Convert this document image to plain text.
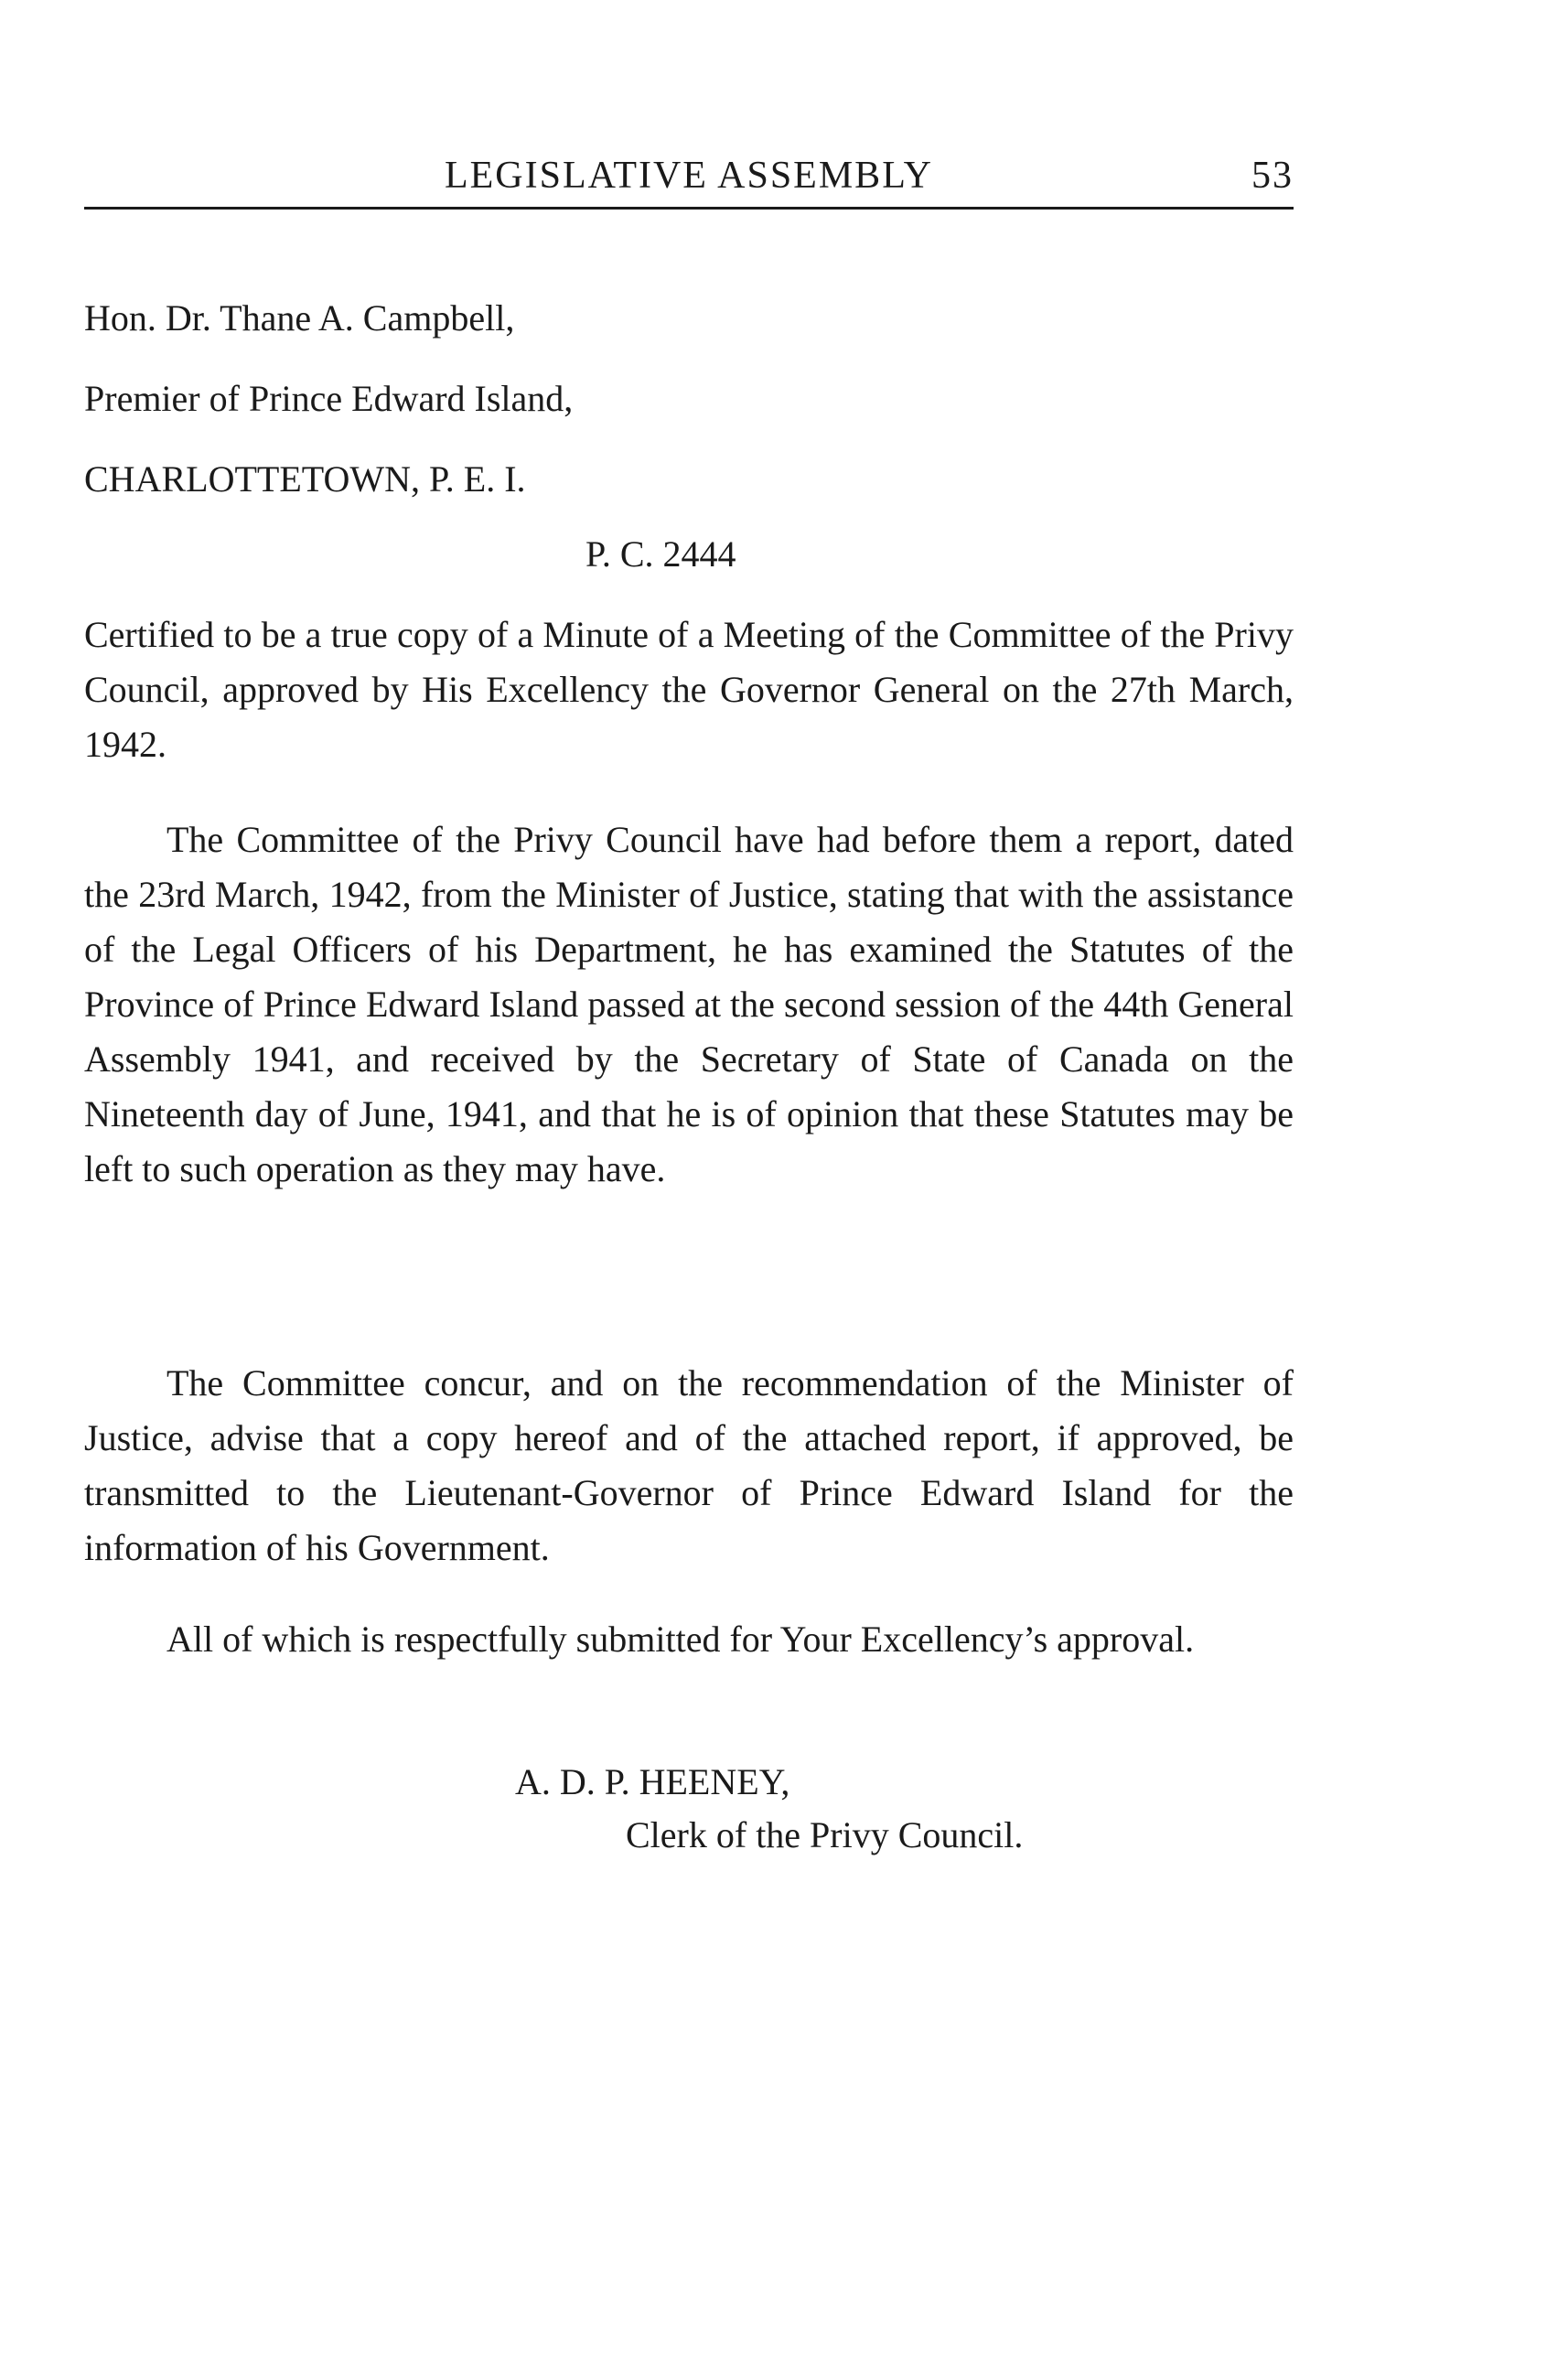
LEGISLATIVE ASSEMBLY	53
Hon. Dr. Thane A. Campbell,
Premier of Prince Edward Island,
CHARLOTTETOWN, P. E. I.
P. C. 2444
Certified to be a true copy of a Minute of a Meeting of the Committee of the Privy Council, approved by His Excellency the Governor General on the 27th March, 1942.
The Committee of the Privy Council have had before them a report, dated the 23rd March, 1942, from the Minister of Justice, stating that with the assistance of the Legal Officers of his Department, he has examined the Statutes of the Province of Prince Edward Island passed at the second session of the 44th General Assembly 1941, and received by the Secretary of State of Canada on the Nineteenth day of June, 1941, and that he is of opinion that these Statutes may be left to such operation as they may have.
The Committee concur, and on the recommendation of the Minister of Justice, advise that a copy hereof and of the attached report, if approved, be transmitted to the Lieutenant-Governor of Prince Edward Island for the information of his Government.
All of which is respectfully submitted for Your Excellency’s approval.
A. D. P. HEENEY,
Clerk of the Privy Council.
